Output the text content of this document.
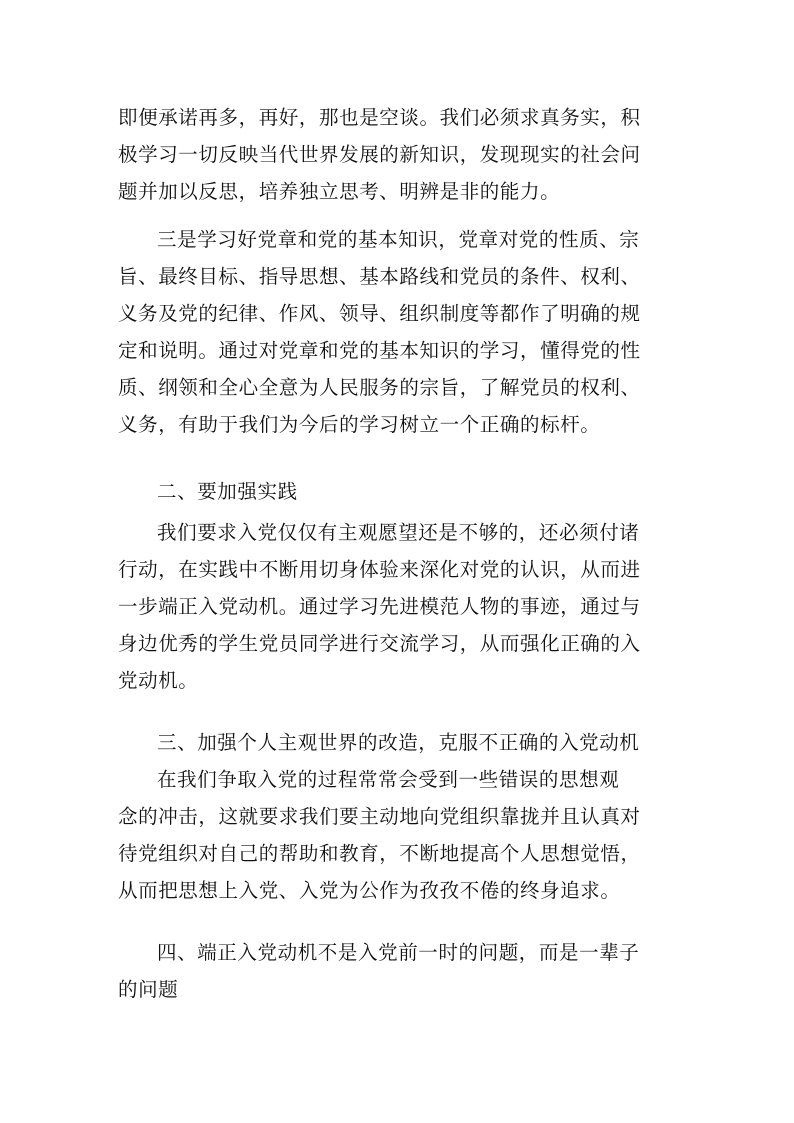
即便承诺再多，再好，那也是空谈。我们必须求真务实，积
极学习一切反映当代世界发展的新知识，发现现实的社会问
题并加以反思，培养独立思考、明辨是非的能力。
三是学习好党章和党的基本知识，党章对党的性质、宗
旨、最终目标、指导思想、基本路线和党员的条件、权利、
义务及党的纪律、作风、领导、组织制度等都作了明确的规
定和说明。通过对党章和党的基本知识的学习，懂得党的性
质、纲领和全心全意为人民服务的宗旨，了解党员的权利、
义务，有助于我们为今后的学习树立一个正确的标杆。
二、要加强实践
我们要求入党仅仅有主观愿望还是不够的，还必须付诸
行动，在实践中不断用切身体验来深化对党的认识，从而进
一步端正入党动机。通过学习先进模范人物的事迹，通过与
身边优秀的学生党员同学进行交流学习，从而强化正确的入
党动机。
三、加强个人主观世界的改造，克服不正确的入党动机
在我们争取入党的过程常常会受到一些错误的思想观
念的冲击，这就要求我们要主动地向党组织靠拢并且认真对
待党组织对自己的帮助和教育，不断地提高个人思想觉悟，
从而把思想上入党、入党为公作为孜孜不倦的终身追求。
四、端正入党动机不是入党前一时的问题，而是一辈子
的问题
